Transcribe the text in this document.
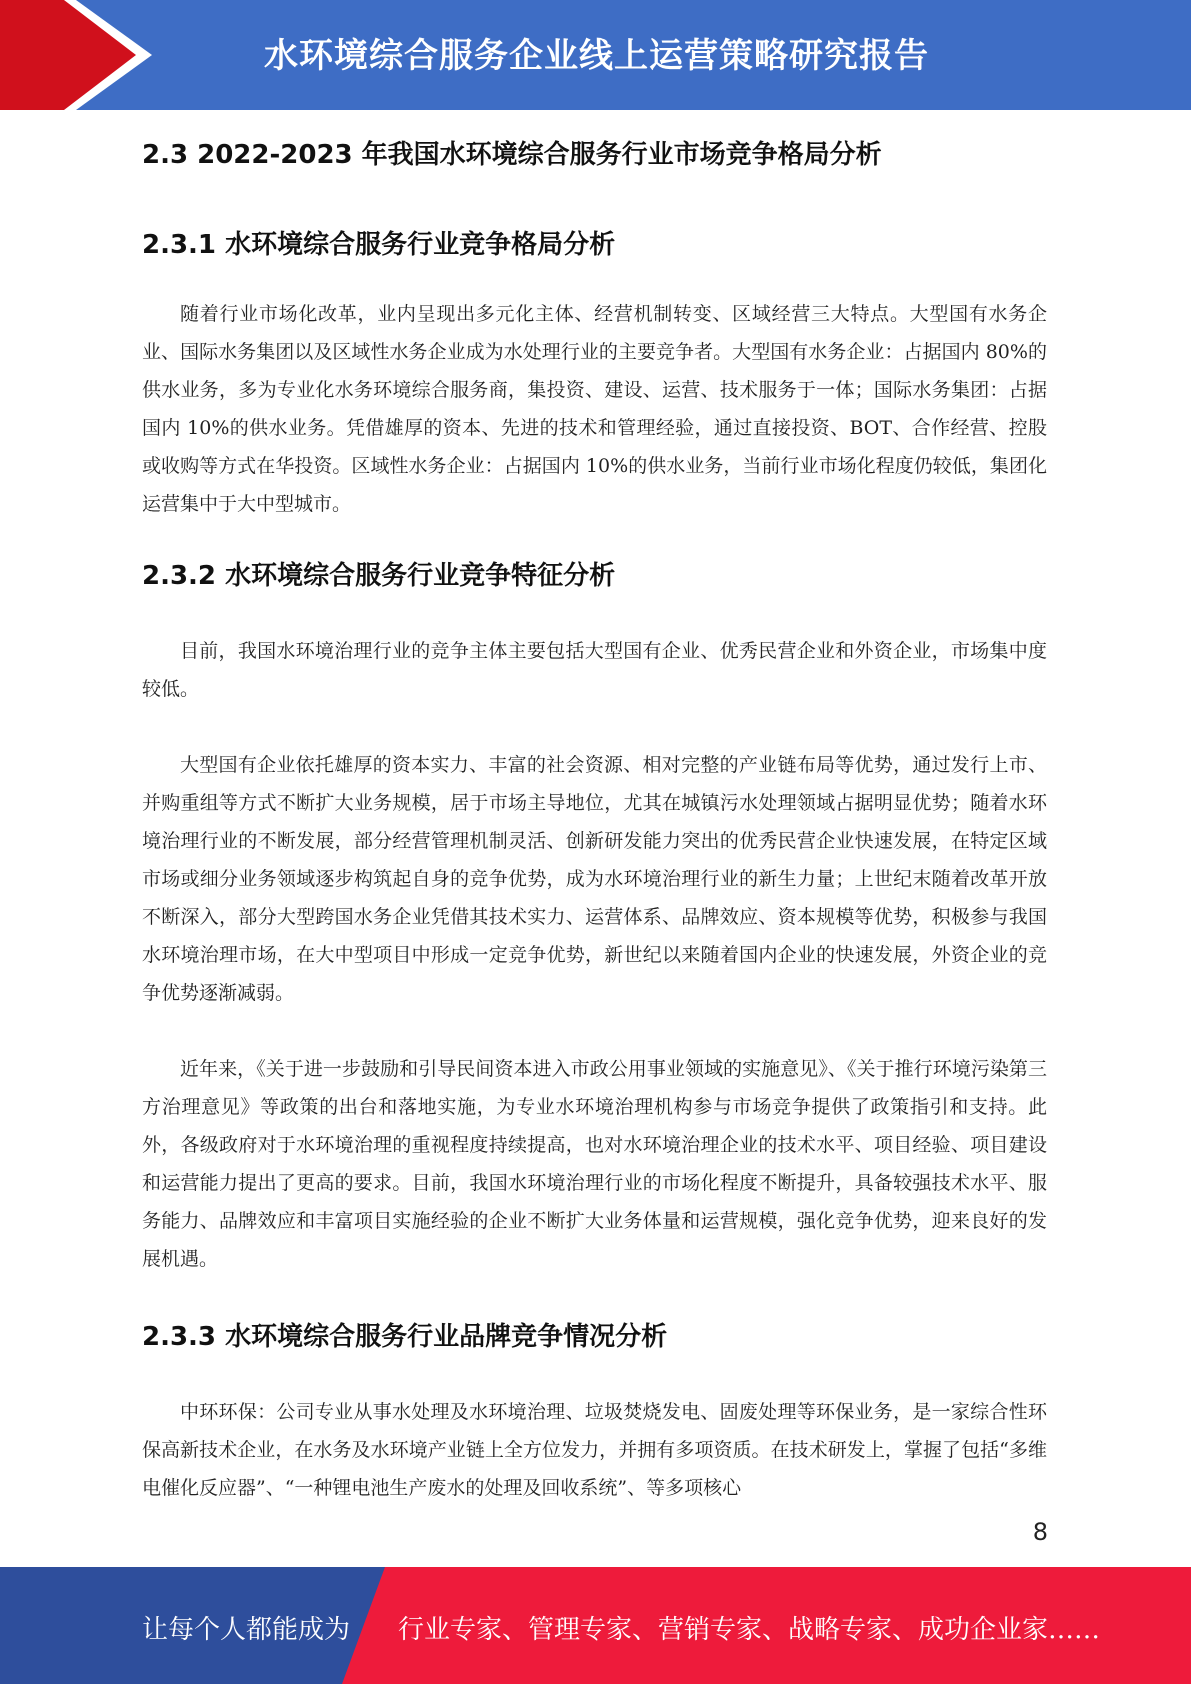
水环境综合服务企业线上运营策略研究报告
2.3 2022-2023 年我国水环境综合服务行业市场竞争格局分析
2.3.1 水环境综合服务行业竞争格局分析

随着行业市场化改革，业内呈现出多元化主体、经营机制转变、区域经营三大特点。大型国有水务企业、国际水务集团以及区域性水务企业成为水处理行业的主要竞争者。大型国有水务企业：占据国内 80%的供水业务，多为专业化水务环境综合服务商，集投资、建设、运营、技术服务于一体；国际水务集团：占据国内 10%的供水业务。凭借雄厚的资本、先进的技术和管理经验，通过直接投资、BOT、合作经营、控股或收购等方式在华投资。区域性水务企业：占据国内 10%的供水业务，当前行业市场化程度仍较低，集团化运营集中于大中型城市。

2.3.2 水环境综合服务行业竞争特征分析

目前，我国水环境治理行业的竞争主体主要包括大型国有企业、优秀民营企业和外资企业，市场集中度较低。

大型国有企业依托雄厚的资本实力、丰富的社会资源、相对完整的产业链布局等优势，通过发行上市、并购重组等方式不断扩大业务规模，居于市场主导地位，尤其在城镇污水处理领域占据明显优势；随着水环境治理行业的不断发展，部分经营管理机制灵活、创新研发能力突出的优秀民营企业快速发展，在特定区域市场或细分业务领域逐步构筑起自身的竞争优势，成为水环境治理行业的新生力量；上世纪末随着改革开放不断深入，部分大型跨国水务企业凭借其技术实力、运营体系、品牌效应、资本规模等优势，积极参与我国水环境治理市场，在大中型项目中形成一定竞争优势，新世纪以来随着国内企业的快速发展，外资企业的竞争优势逐渐减弱。

近年来，《关于进一步鼓励和引导民间资本进入市政公用事业领域的实施意见》、《关于推行环境污染第三方治理意见》等政策的出台和落地实施，为专业水环境治理机构参与市场竞争提供了政策指引和支持。此外，各级政府对于水环境治理的重视程度持续提高，也对水环境治理企业的技术水平、项目经验、项目建设和运营能力提出了更高的要求。目前，我国水环境治理行业的市场化程度不断提升，具备较强技术水平、服务能力、品牌效应和丰富项目实施经验的企业不断扩大业务体量和运营规模，强化竞争优势，迎来良好的发展机遇。

2.3.3 水环境综合服务行业品牌竞争情况分析

中环环保：公司专业从事水处理及水环境治理、垃圾焚烧发电、固废处理等环保业务，是一家综合性环保高新技术企业，在水务及水环境产业链上全方位发力，并拥有多项资质。在技术研发上，掌握了包括“多维电催化反应器”、“一种锂电池生产废水的处理及回收系统”、等多项核心

8
让每个人都能成为 行业专家、管理专家、营销专家、战略专家、成功企业家……
